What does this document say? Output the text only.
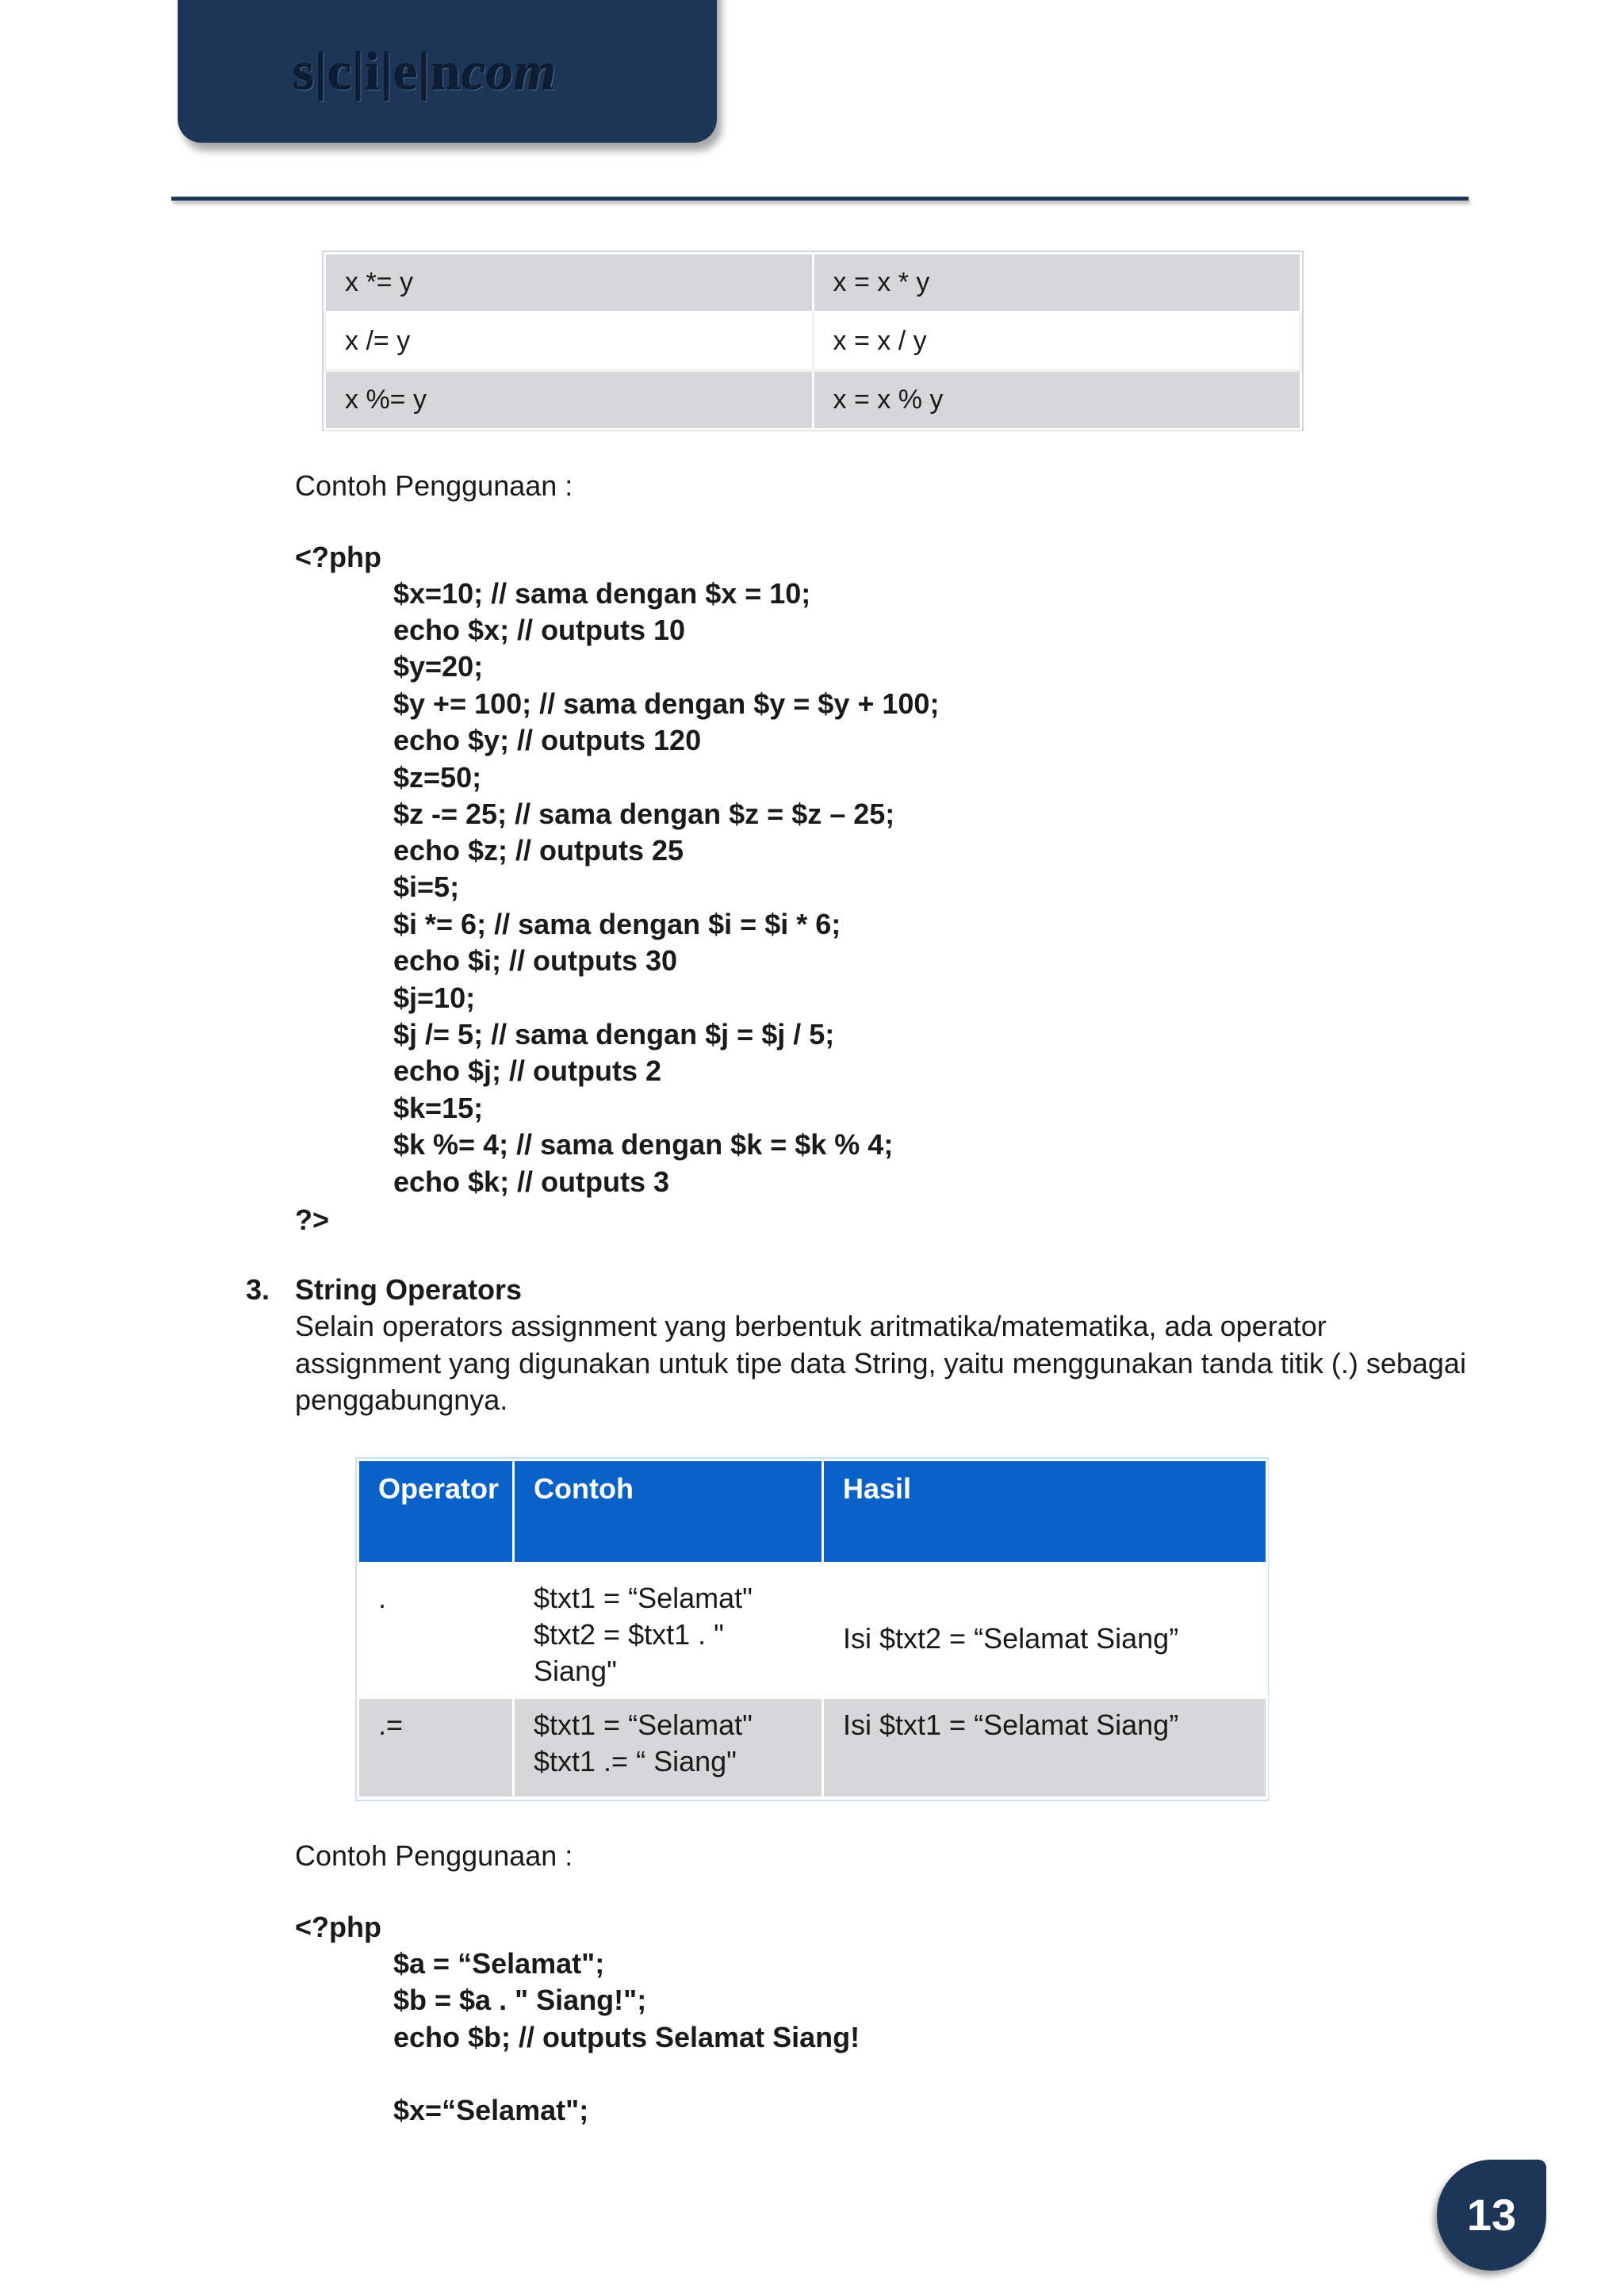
s|c|i|e|ncom
x *= y	x = x * y
x /= y	x = x / y
x %= y	x = x % y
Contoh Penggunaan :
<?php
$x=10; // sama dengan $x = 10;
echo $x; // outputs 10
$y=20;
$y += 100; // sama dengan $y = $y + 100;
echo $y; // outputs 120
$z=50;
$z -= 25; // sama dengan $z = $z – 25;
echo $z; // outputs 25
$i=5;
$i *= 6; // sama dengan $i = $i * 6;
echo $i; // outputs 30
$j=10;
$j /= 5; // sama dengan $j = $j / 5;
echo $j; // outputs 2
$k=15;
$k %= 4; // sama dengan $k = $k % 4;
echo $k; // outputs 3
?>
3. String Operators
Selain operators assignment yang berbentuk aritmatika/matematika, ada operator
assignment yang digunakan untuk tipe data String, yaitu menggunakan tanda titik (.) sebagai
penggabungnya.
Operator	Contoh	Hasil
.	$txt1 = “Selamat"
$txt2 = $txt1 . "
Siang"	Isi $txt2 = “Selamat Siang”
.=	$txt1 = “Selamat"
$txt1 .= “ Siang"	Isi $txt1 = “Selamat Siang”
Contoh Penggunaan :
<?php
$a = “Selamat";
$b = $a . " Siang!";
echo $b; // outputs Selamat Siang!
$x=“Selamat";
13
